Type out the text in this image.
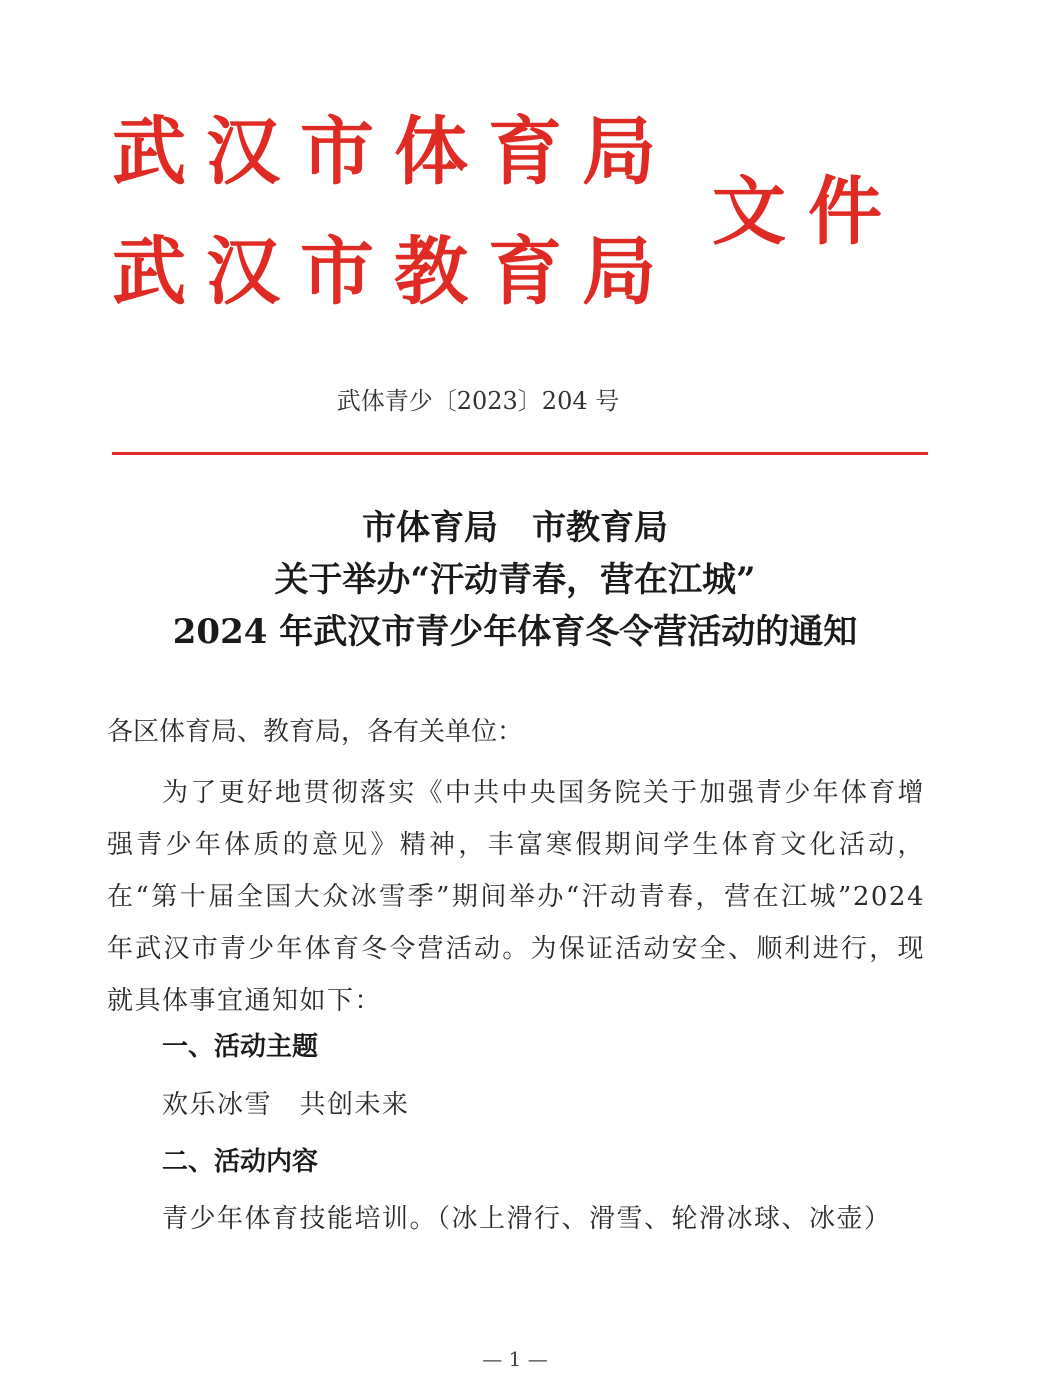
武汉市体育局
武汉市教育局
文件
武体青少〔2023〕204 号
市体育局　市教育局
关于举办“汗动青春，营在江城”
2024 年武汉市青少年体育冬令营活动的通知
各区体育局、教育局，各有关单位：
为了更好地贯彻落实《中共中央国务院关于加强青少年体育增强青少年体质的意见》精神，丰富寒假期间学生体育文化活动，在“第十届全国大众冰雪季”期间举办“汗动青春，营在江城”2024 年武汉市青少年体育冬令营活动。为保证活动安全、顺利进行，现就具体事宜通知如下：
一、活动主题
欢乐冰雪　共创未来
二、活动内容
青少年体育技能培训。（冰上滑行、滑雪、轮滑冰球、冰壶）
— 1 —
